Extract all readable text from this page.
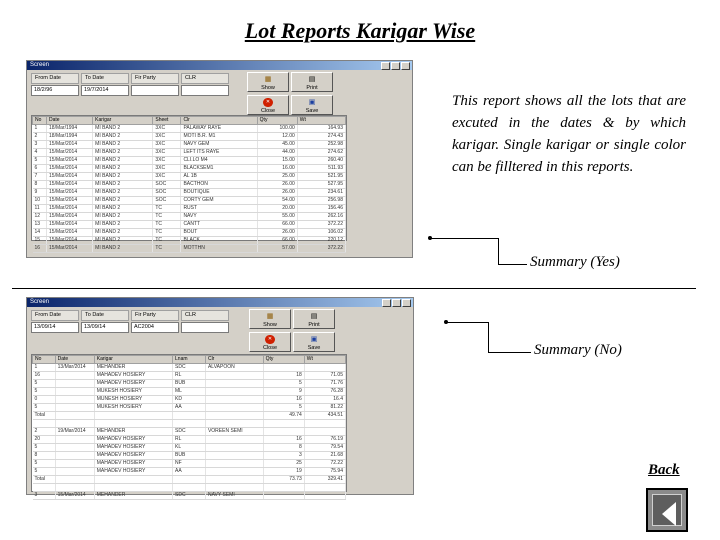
Lot Reports Karigar Wise
Screen
From Date
18/2/96
To Date
19/7/2014
Fir Party	CLR	▦
Show
▤
Print
✕
Close
▣
Save
No	Date	Karigar	Sheet	Clr	Qty	Wt
1	18/Mar/1994	MI BAND 2	3XC	PALAWAY RAYE	100.00	164.93
2	18/Mar/1994	MI BAND 2	3XC	MOTI B.R. M1	12.00	274.43
3	15/Mar/2014	MI BAND 2	3XC	NAVY GEM	45.00	252.98
4	15/Mar/2014	MI BAND 2	3XC	LEFT ITS RAYE	44.00	274.62
5	15/Mar/2014	MI BAND 2	3XC	CLI.LO M4	15.00	260.40
6	15/Mar/2014	MI BAND 2	3XC	BLACKSEM1	16.00	511.93
7	15/Mar/2014	MI BAND 2	3XC	AL 1B	25.00	521.95
8	15/Mar/2014	MI BAND 2	SOC	BACTHON	26.00	527.95
9	15/Mar/2014	MI BAND 2	SOC	BOUTIQUE	26.00	234.61
10	15/Mar/2014	MI BAND 2	SOC	CORTY GEM	54.00	256.98
11	15/Mar/2014	MI BAND 2	TC	RUST	20.00	156.46
12	15/Mar/2014	MI BAND 2	TC	NAVY	55.00	262.16
13	15/Mar/2014	MI BAND 2	TC	CANTT	66.00	372.22
14	15/Mar/2014	MI BAND 2	TC	BOUT	26.00	106.02
15	15/Mar/2014	MI BAND 2	TC	BLACK	66.00	220.12
16	15/Mar/2014	MI BAND 2	TC	MOTTHN	57.00	372.22
This report shows all the lots that are excuted in the dates & by which karigar. Single karigar or single color can be filltered in this reports.
Summary (Yes)
Screen
From Date
13/09/14
To Date
13/09/14
Fir Party
AC2004
CLR	▦
Show
▤
Print
✕
Close
▣
Save
No	Date	Karigar	Lnam	Clr	Qty	Wt
1	13/Mar/2014	MEHANDER	SDC	ALVAPOON		
16		MAHADEV HOSIERY	RL		18	71.05
5		MAHADEV HOSIERY	BUB		5	71.76
5		MUKESH HOSIERY	ML		9	76.28
0		MUNESH HOSIERY	KD		16	16.4
5		MUKESH HOSIERY	AA		5	81.22
Total					49.74	434.51

2	19/Mar/2014	MEHANDER	SDC	VOREEN SEMI		
20		MAHADEV HOSIERY	RL		16	76.19
5		MAHADEV HOSIERY	KL		8	79.54
8		MAHADEV HOSIERY	BUB		3	21.68
5		MAHADEV HOSIERY	NF		25	72.22
5		MAHADEV HOSIERY	AA		19	75.94
Total					73.73	329.41

3	15/Mar/2014	MEHANDER	SDC	NAVY SEMI		
Summary (No)
Back
